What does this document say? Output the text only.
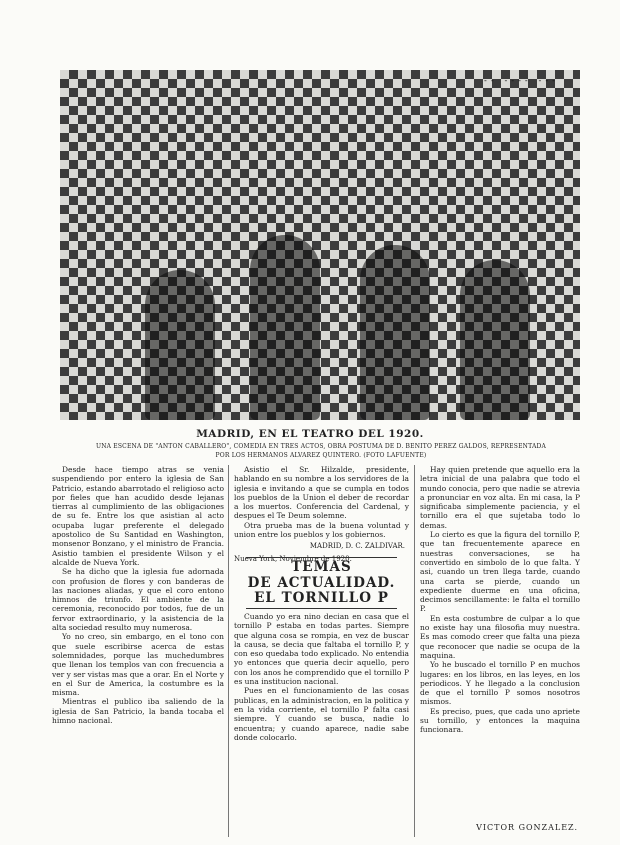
-- ---- ---
MADRID, EN EL TEATRO DEL 1920.
UNA ESCENA DE "ANTON CABALLERO", COMEDIA EN TRES ACTOS, OBRA POSTUMA DE D. BENITO PEREZ GALDOS, REPRESENTADA
POR LOS HERMANOS ALVAREZ QUINTERO. (FOTO LAFUENTE)

Desde hace tiempo atras se venia suspendiendo por entero la iglesia de San Patricio, estando abarrotado el religioso acto por fieles que han acudido desde lejanas tierras al cumplimiento de las obligaciones de su fe. Entre los que asistian al acto ocupaba lugar preferente el delegado apostolico de Su Santidad en Washington, monsenor Bonzano, y el ministro de Francia. Asistio tambien el presidente Wilson y el alcalde de Nueva York.

Se ha dicho que la iglesia fue adornada con profusion de flores y con banderas de las naciones aliadas, y que el coro entono himnos de triunfo. El ambiente de la ceremonia, reconocido por todos, fue de un fervor extraordinario, y la asistencia de la alta sociedad resulto muy numerosa.

Yo no creo, sin embargo, en el tono con que suele escribirse acerca de estas solemnidades, porque las muchedumbres que llenan los templos van con frecuencia a ver y ser vistas mas que a orar. En el Norte y en el Sur de America, la costumbre es la misma.

Mientras el publico iba saliendo de la iglesia de San Patricio, la banda tocaba el himno nacional.

Asistio el Sr. Hilzalde, presidente, hablando en su nombre a los servidores de la iglesia e invitando a que se cumpla en todos los pueblos de la Union el deber de recordar a los muertos. Conferencia del Cardenal, y despues el Te Deum solemne.

Otra prueba mas de la buena voluntad y union entre los pueblos y los gobiernos.

MADRID, D. C. ZALDIVAR.
Nueva York, Noviembre de 1920.
TEMAS
DE ACTUALIDAD.
EL TORNILLO P

Cuando yo era nino decian en casa que el tornillo P estaba en todas partes. Siempre que alguna cosa se rompia, en vez de buscar la causa, se decia que faltaba el tornillo P, y con eso quedaba todo explicado. No entendia yo entonces que queria decir aquello, pero con los anos he comprendido que el tornillo P es una institucion nacional.

Pues en el funcionamiento de las cosas publicas, en la administracion, en la politica y en la vida corriente, el tornillo P falta casi siempre. Y cuando se busca, nadie lo encuentra; y cuando aparece, nadie sabe donde colocarlo.

Hay quien pretende que aquello era la letra inicial de una palabra que todo el mundo conocia, pero que nadie se atrevia a pronunciar en voz alta. En mi casa, la P significaba simplemente paciencia, y el tornillo era el que sujetaba todo lo demas.

Lo cierto es que la figura del tornillo P, que tan frecuentemente aparece en nuestras conversaciones, se ha convertido en simbolo de lo que falta. Y asi, cuando un tren llega tarde, cuando una carta se pierde, cuando un expediente duerme en una oficina, decimos sencillamente: le falta el tornillo P.

En esta costumbre de culpar a lo que no existe hay una filosofia muy nuestra. Es mas comodo creer que falta una pieza que reconocer que nadie se ocupa de la maquina.

Yo he buscado el tornillo P en muchos lugares: en los libros, en las leyes, en los periodicos. Y he llegado a la conclusion de que el tornillo P somos nosotros mismos.

Es preciso, pues, que cada uno apriete su tornillo, y entonces la maquina funcionara.

VICTOR GONZALEZ.
